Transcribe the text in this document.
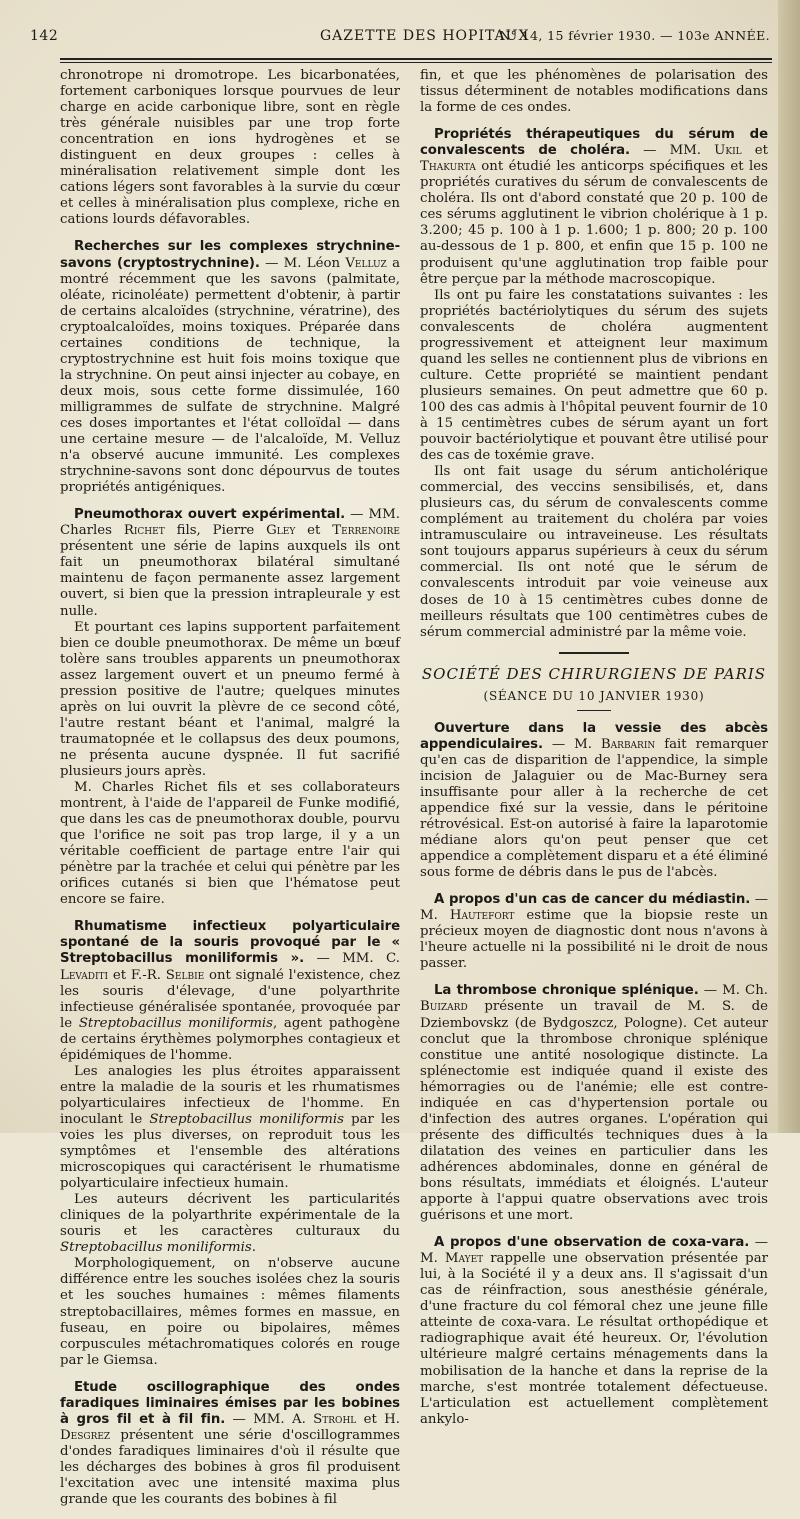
142	GAZETTE DES HOPITAUX
N° 14, 15 février 1930. — 103e ANNÉE.

chronotrope ni dromotrope. Les bicarbonatées, fortement carboniques lorsque pourvues de leur charge en acide carbonique libre, sont en règle très générale nuisibles par une trop forte concentration en ions hydrogènes et se distinguent en deux groupes : celles à minéralisation relativement simple dont les cations légers sont favorables à la survie du cœur et celles à minéralisation plus complexe, riche en cations lourds défavorables.

Recherches sur les complexes strychnine-savons (cryptostrychnine). — M. Léon Velluz a montré récemment que les savons (palmitate, oléate, ricinoléate) permettent d'obtenir, à partir de certains alcaloïdes (strychnine, vératrine), des cryptoalcaloïdes, moins toxiques. Préparée dans certaines conditions de technique, la cryptostrychnine est huit fois moins toxique que la strychnine. On peut ainsi injecter au cobaye, en deux mois, sous cette forme dissimulée, 160 milligrammes de sulfate de strychnine. Malgré ces doses importantes et l'état colloïdal — dans une certaine mesure — de l'alcaloïde, M. Velluz n'a observé aucune immunité. Les complexes strychnine-savons sont donc dépourvus de toutes propriétés antigéniques.

Pneumothorax ouvert expérimental. — MM. Charles Richet fils, Pierre Gley et Terrenoire présentent une série de lapins auxquels ils ont fait un pneumothorax bilatéral simultané maintenu de façon permanente assez largement ouvert, si bien que la pression intrapleurale y est nulle.

Et pourtant ces lapins supportent parfaitement bien ce double pneumothorax. De même un bœuf tolère sans troubles apparents un pneumothorax assez largement ouvert et un pneumo fermé à pression positive de l'autre; quelques minutes après on lui ouvrit la plèvre de ce second côté, l'autre restant béant et l'animal, malgré la traumatopnée et le collapsus des deux poumons, ne présenta aucune dyspnée. Il fut sacrifié plusieurs jours après.

M. Charles Richet fils et ses collaborateurs montrent, à l'aide de l'appareil de Funke modifié, que dans les cas de pneumothorax double, pourvu que l'orifice ne soit pas trop large, il y a un véritable coefficient de partage entre l'air qui pénètre par la trachée et celui qui pénètre par les orifices cutanés si bien que l'hématose peut encore se faire.

Rhumatisme infectieux polyarticulaire spontané de la souris provoqué par le « Streptobacillus moniliformis ». — MM. C. Levaditi et F.-R. Selbie ont signalé l'existence, chez les souris d'élevage, d'une polyarthrite infectieuse généralisée spontanée, provoquée par le Streptobacillus moniliformis, agent pathogène de certains érythèmes polymorphes contagieux et épidémiques de l'homme.

Les analogies les plus étroites apparaissent entre la maladie de la souris et les rhumatismes polyarticulaires infectieux de l'homme. En inoculant le Streptobacillus moniliformis par les voies les plus diverses, on reproduit tous les symptômes et l'ensemble des altérations microscopiques qui caractérisent le rhumatisme polyarticulaire infectieux humain.

Les auteurs décrivent les particularités cliniques de la polyarthrite expérimentale de la souris et les caractères culturaux du Streptobacillus moniliformis.

Morphologiquement, on n'observe aucune différence entre les souches isolées chez la souris et les souches humaines : mêmes filaments streptobacillaires, mêmes formes en massue, en fuseau, en poire ou bipolaires, mêmes corpuscules métachromatiques colorés en rouge par le Giemsa.

Etude oscillographique des ondes faradiques liminaires émises par les bobines à gros fil et à fil fin. — MM. A. Strohl et H. Desgrez présentent une série d'oscillogrammes d'ondes faradiques liminaires d'où il résulte que les décharges des bobines à gros fil produisent l'excitation avec une intensité maxima plus grande que les courants des bobines à fil

fin, et que les phénomènes de polarisation des tissus déterminent de notables modifications dans la forme de ces ondes.

Propriétés thérapeutiques du sérum de convalescents de choléra. — MM. Ukil et Thakurta ont étudié les anticorps spécifiques et les propriétés curatives du sérum de convalescents de choléra. Ils ont d'abord constaté que 20 p. 100 de ces sérums agglutinent le vibrion cholérique à 1 p. 3.200; 45 p. 100 à 1 p. 1.600; 1 p. 800; 20 p. 100 au-dessous de 1 p. 800, et enfin que 15 p. 100 ne produisent qu'une agglutination trop faible pour être perçue par la méthode macroscopique.

Ils ont pu faire les constatations suivantes : les propriétés bactériolytiques du sérum des sujets convalescents de choléra augmentent progressivement et atteignent leur maximum quand les selles ne contiennent plus de vibrions en culture. Cette propriété se maintient pendant plusieurs semaines. On peut admettre que 60 p. 100 des cas admis à l'hôpital peuvent fournir de 10 à 15 centimètres cubes de sérum ayant un fort pouvoir bactériolytique et pouvant être utilisé pour des cas de toxémie grave.

Ils ont fait usage du sérum anticholérique commercial, des veccins sensibilisés, et, dans plusieurs cas, du sérum de convalescents comme complément au traitement du choléra par voies intramusculaire ou intraveineuse. Les résultats sont toujours apparus supérieurs à ceux du sérum commercial. Ils ont noté que le sérum de convalescents introduit par voie veineuse aux doses de 10 à 15 centimètres cubes donne de meilleurs résultats que 100 centimètres cubes de sérum commercial administré par la même voie.

SOCIÉTÉ DES CHIRURGIENS DE PARIS
(SÉANCE DU 10 JANVIER 1930)

Ouverture dans la vessie des abcès appendiculaires. — M. Barbarin fait remarquer qu'en cas de disparition de l'appendice, la simple incision de Jalaguier ou de Mac-Burney sera insuffisante pour aller à la recherche de cet appendice fixé sur la vessie, dans le péritoine rétrovésical. Est-on autorisé à faire la laparotomie médiane alors qu'on peut penser que cet appendice a complètement disparu et a été éliminé sous forme de débris dans le pus de l'abcès.

A propos d'un cas de cancer du médiastin. — M. Hautefort estime que la biopsie reste un précieux moyen de diagnostic dont nous n'avons à l'heure actuelle ni la possibilité ni le droit de nous passer.

La thrombose chronique splénique. — M. Ch. Buizard présente un travail de M. S. de Dziembovskz (de Bydgoszcz, Pologne). Cet auteur conclut que la thrombose chronique splénique constitue une antité nosologique distincte. La splénectomie est indiquée quand il existe des hémorragies ou de l'anémie; elle est contre-indiquée en cas d'hypertension portale ou d'infection des autres organes. L'opération qui présente des difficultés techniques dues à la dilatation des veines en particulier dans les adhérences abdominales, donne en général de bons résultats, immédiats et éloignés. L'auteur apporte à l'appui quatre observations avec trois guérisons et une mort.

A propos d'une observation de coxa-vara. — M. Mayet rappelle une observation présentée par lui, à la Société il y a deux ans. Il s'agissait d'un cas de réinfraction, sous anesthésie générale, d'une fracture du col fémoral chez une jeune fille atteinte de coxa-vara. Le résultat orthopédique et radiographique avait été heureux. Or, l'évolution ultérieure malgré certains ménagements dans la mobilisation de la hanche et dans la reprise de la marche, s'est montrée totalement défectueuse. L'articulation est actuellement complètement ankylo-
